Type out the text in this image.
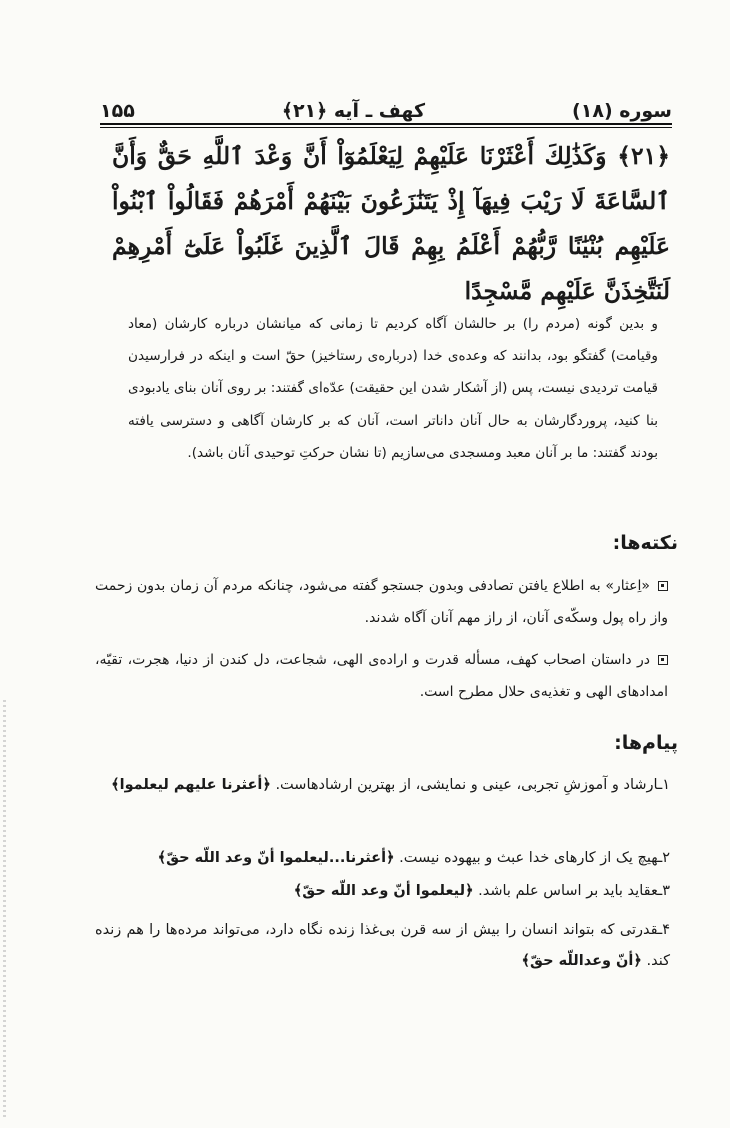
سوره (۱۸)
کهف ـ آیه ﴿۲۱﴾
۱۵۵
﴿۲۱﴾ وَكَذَٰلِكَ أَعْثَرْنَا عَلَيْهِمْ لِيَعْلَمُوٓاْ أَنَّ وَعْدَ ٱللَّهِ حَقٌّ وَأَنَّ ٱلسَّاعَةَ لَا رَيْبَ فِيهَآ إِذْ يَتَنَٰزَعُونَ بَيْنَهُمْ أَمْرَهُمْ فَقَالُواْ ٱبْنُواْ عَلَيْهِم بُنْيَٰنًا رَّبُّهُمْ أَعْلَمُ بِهِمْ قَالَ ٱلَّذِينَ غَلَبُواْ عَلَىٰٓ أَمْرِهِمْ لَنَتَّخِذَنَّ عَلَيْهِم مَّسْجِدًا
و بدین گونه (مردم را) بر حالشان آگاه کردیم تا زمانی که میانشان درباره کارشان (معاد وقیامت) گفتگو بود، بدانند که وعده‌ی خدا (درباره‌ی رستاخیز) حقّ است و اینکه در فرارسیدن قیامت تردیدی نیست، پس (از آشکار شدن این حقیقت) عدّه‌ای گفتند: بر روی آنان بنای یادبودی بنا کنید، پروردگارشان به حال آنان داناتر است، آنان که بر کارشان آگاهی و دسترسی یافته بودند گفتند: ما بر آنان معبد ومسجدی می‌سازیم (تا نشان حرکتِ توحیدی آنان باشد).
نکته‌ها:
«اِعثار» به اطلاع یافتن تصادفی وبدون جستجو گفته می‌شود، چنانکه مردم آن زمان بدون زحمت واز راه پول وسکّه‌ی آنان، از راز مهم آنان آگاه شدند.
در داستان اصحاب کهف، مسأله قدرت و اراده‌ی الهی، شجاعت، دل کندن از دنیا، هجرت، تقیّه، امدادهای الهی و تغذیه‌ی حلال مطرح است.
پیام‌ها:
۱ـارشاد و آموزشِ تجربی، عینی و نمایشی، از بهترین ارشادهاست. ﴿أعثرنا علیهم لیعلموا﴾
۲ـهیچ یک از کارهای خدا عبث و بیهوده نیست. ﴿أعثرنا...لیعلموا أنّ وعد اللّه حقّ﴾
۳ـعقاید باید بر اساس علم باشد. ﴿لیعلموا أنّ وعد اللّه حقّ﴾
۴ـقدرتی که بتواند انسان را بیش از سه قرن بی‌غذا زنده نگاه دارد، می‌تواند مرده‌ها را هم زنده کند. ﴿أنّ وعداللّه حقّ﴾
